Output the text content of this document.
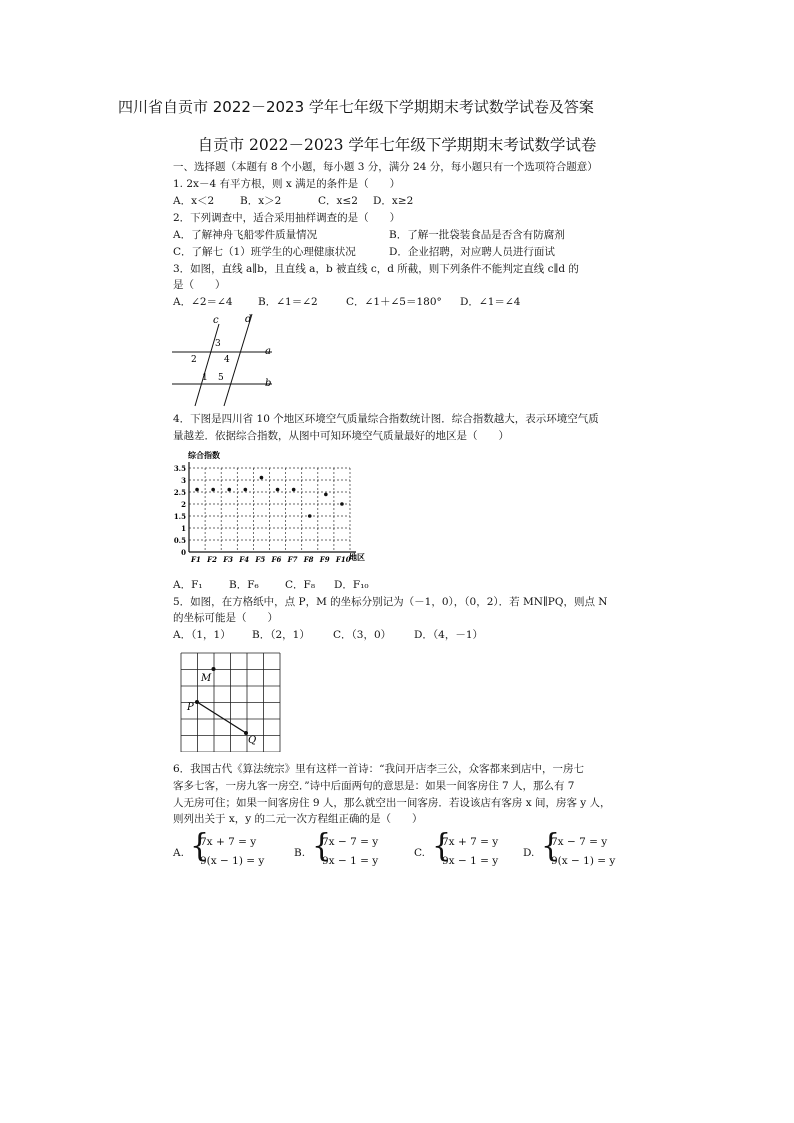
四川省自贡市 2022－2023 学年七年级下学期期末考试数学试卷及答案
自贡市 2022－2023 学年七年级下学期期末考试数学试卷
一、选择题（本题有 8 个小题，每小题 3 分，满分 24 分，每小题只有一个选项符合题意）
1. 2x－4 有平方根，则 x 满足的条件是（　　）
A．x＜2 B．x＞2	C．x≤2 D．x≥2
2．下列调查中，适合采用抽样调查的是（　　）
A．了解神舟飞船零件质量情况	B．了解一批袋装食品是否含有防腐剂
C．了解七（1）班学生的心理健康状况	D．企业招聘，对应聘人员进行面试
3．如图，直线 a∥b，且直线 a，b 被直线 c，d 所截，则下列条件不能判定直线 c∥d 的
是（　　）
A．∠2＝∠4 B．∠1＝∠2	C．∠1＋∠5＝180° D．∠1＝∠4
c	d
a
b
1
2
3
4
5
4．下图是四川省 10 个地区环境空气质量综合指数统计图．综合指数越大，表示环境空气质
量越差．依据综合指数，从图中可知环境空气质量最好的地区是（　　）
0
0.5
1
1.5
2
2.5
3
3.5
F1 F2 F3 F4 F5 F6 F7 F8 F9 F10
综合指数
地区
A．F₁	B．F₆	C．F₈ D．F₁₀
5．如图，在方格纸中，点 P，M 的坐标分别记为（－1，0），（0，2）．若 MN∥PQ，则点 N
的坐标可能是（　　）
A．（1，1） B．（2，1） C．（3，0） D．（4，－1）
M
P
Q
6．我国古代《算法统宗》里有这样一首诗：“我问开店李三公，众客都来到店中，一房七
客多七客，一房九客一房空．”诗中后面两句的意思是：如果一间客房住 7 人，那么有 7
人无房可住；如果一间客房住 9 人，那么就空出一间客房．若设该店有客房 x 间，房客 y 人，
则列出关于 x，y 的二元一次方程组正确的是（　　）
A. {
7x + 7 = y
9(x − 1) = y
B. {
7x − 7 = y
9x − 1 = y
C. {
7x + 7 = y
9x − 1 = y
D. {
7x − 7 = y
9(x − 1) = y
